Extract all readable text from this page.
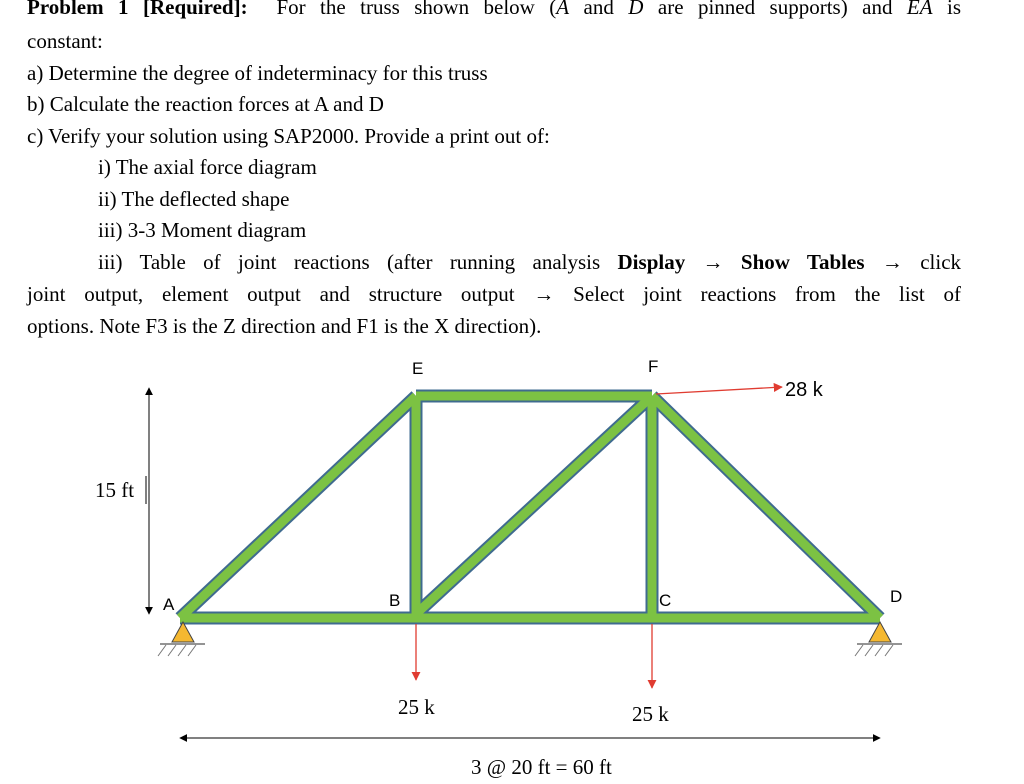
Problem 1 [Required]: For the truss shown below (A and D are pinned supports) and EA is
constant:
a) Determine the degree of indeterminacy for this truss
b) Calculate the reaction forces at A and D
c) Verify your solution using SAP2000. Provide a print out of:
i) The axial force diagram
ii) The deflected shape
iii) 3-3 Moment diagram
iii) Table of joint reactions (after running analysis Display → Show Tables → click
joint output, element output and structure output → Select joint reactions from the list of
options. Note F3 is the Z direction and F1 is the X direction).
15 ft
3 @ 20 ft = 60 ft
28 k
25 k	25 k
A	B	C	D
E	F
